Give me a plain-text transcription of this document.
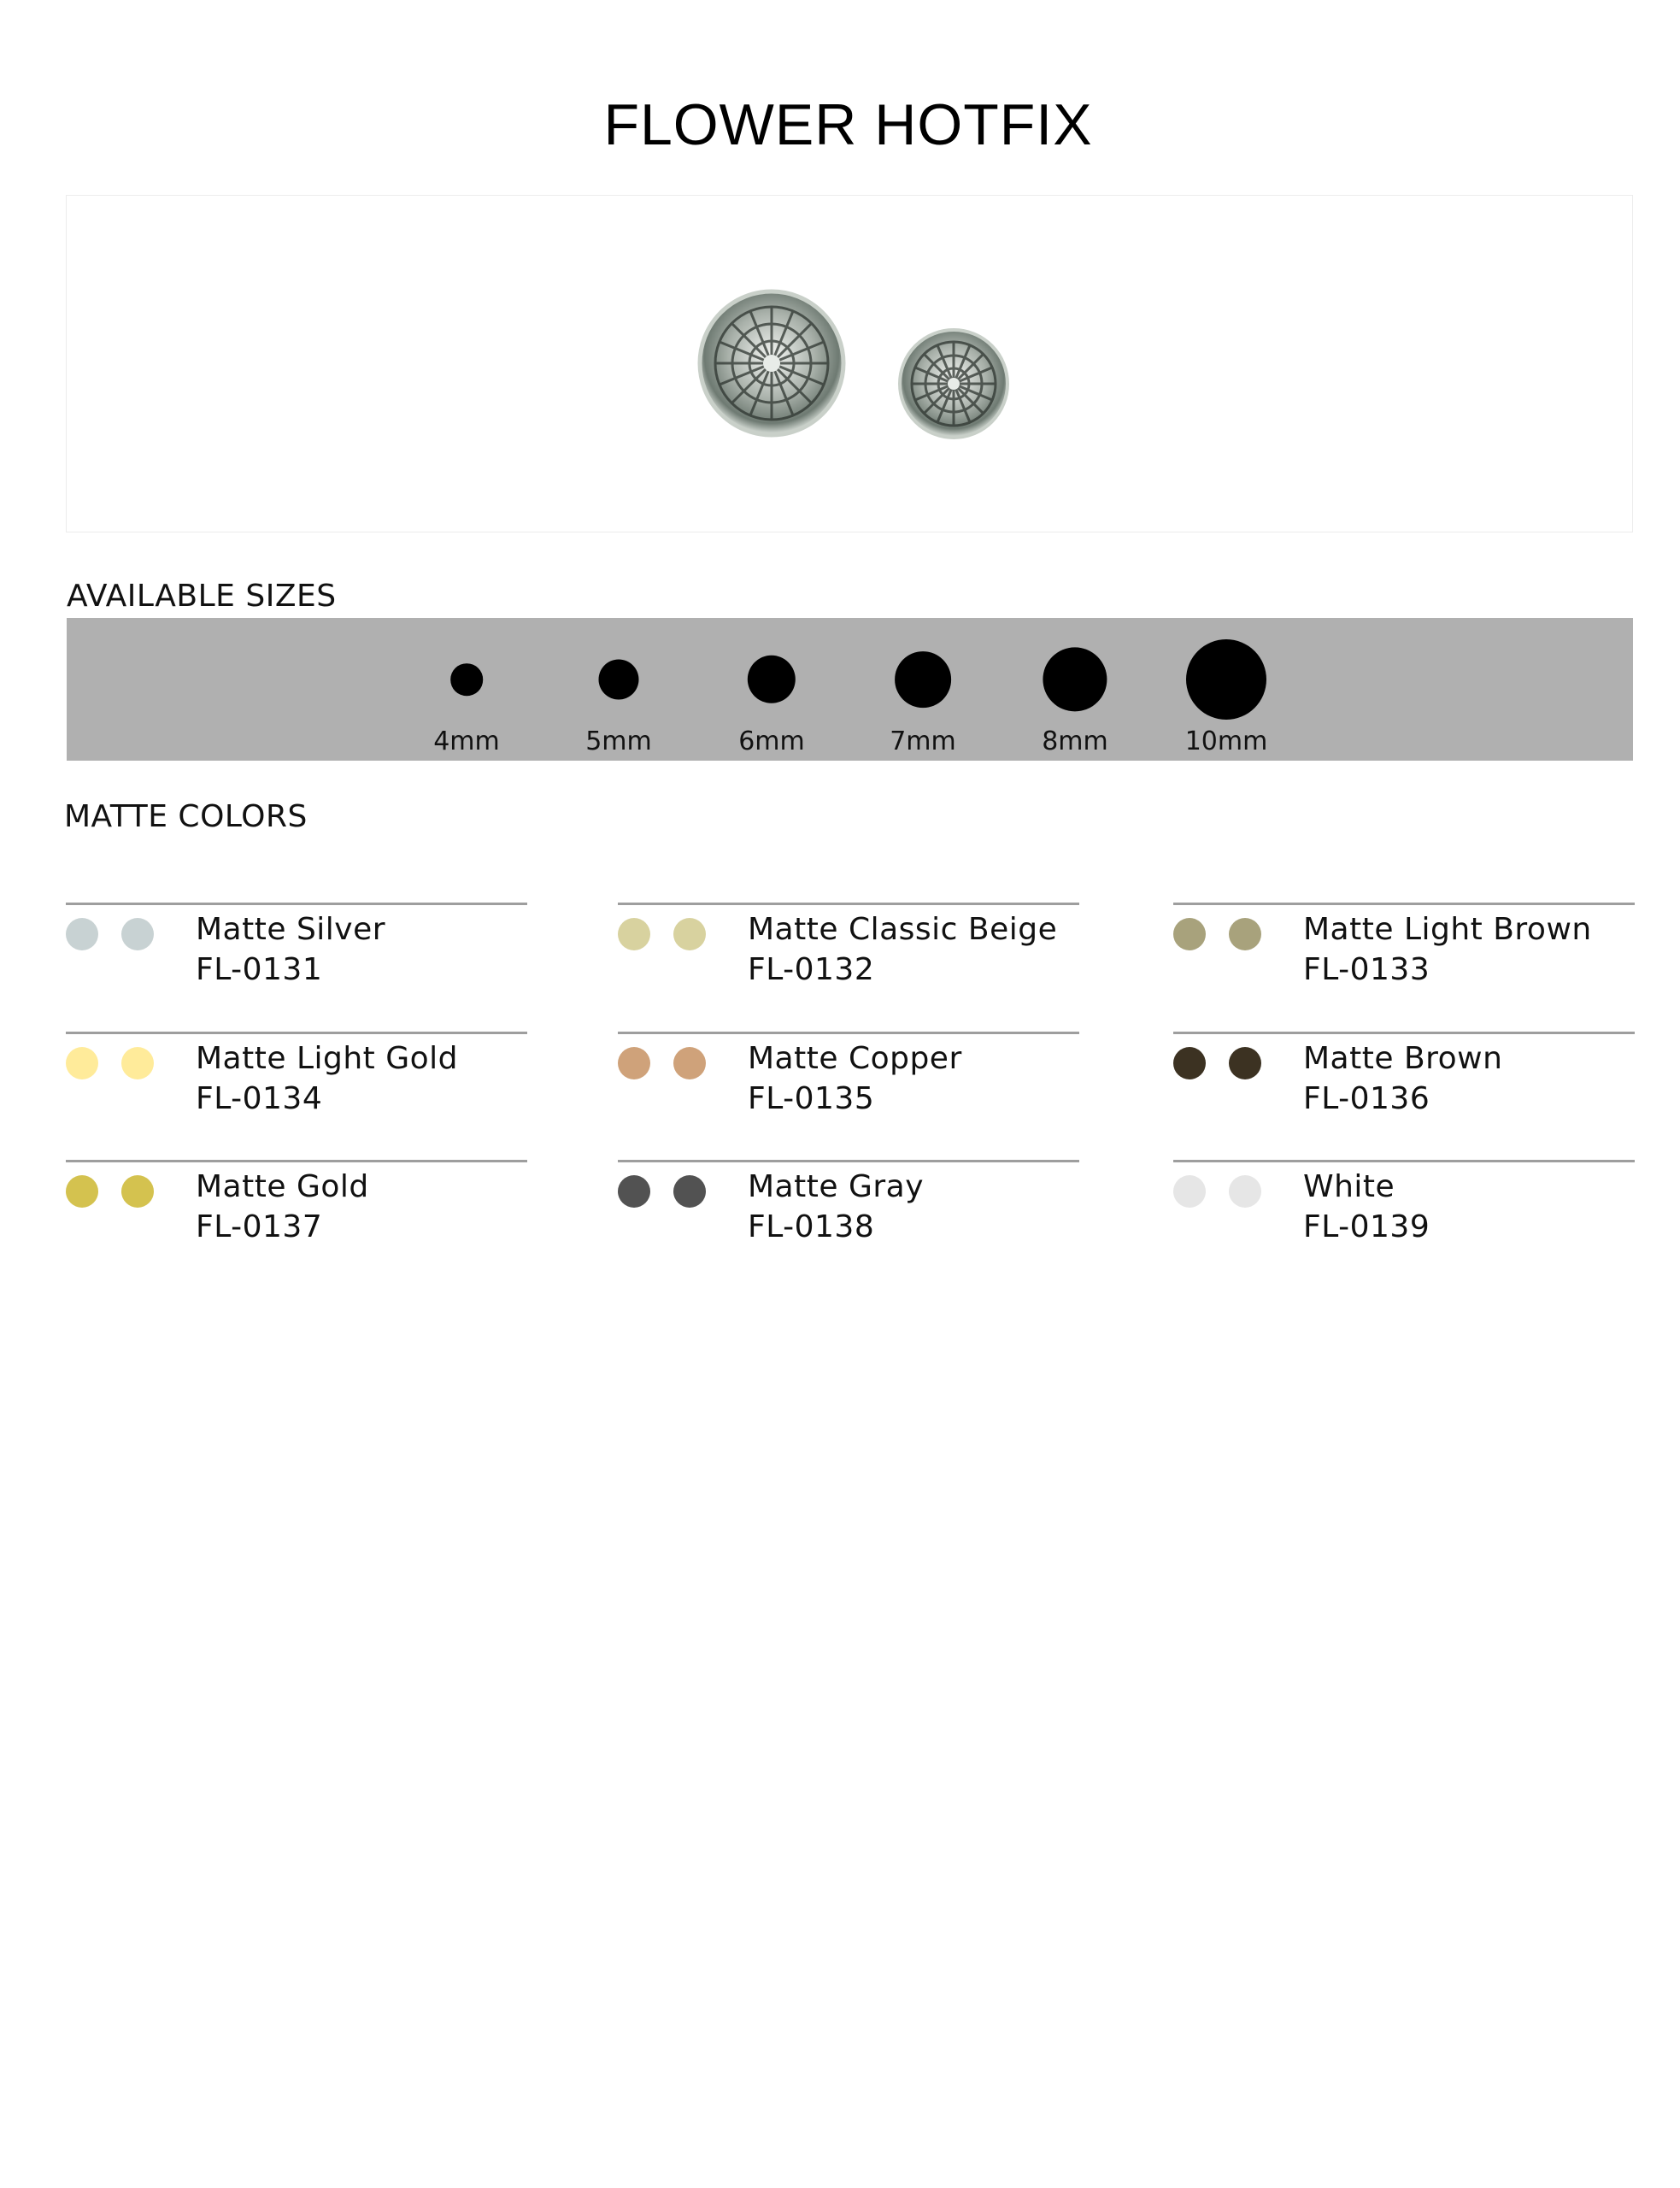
FLOWER HOTFIX
AVAILABLE SIZES
4mm	5mm	6mm	7mm	8mm	10mm
MATTE COLORS
Matte Silver
FL-0131
Matte Classic Beige
FL-0132
Matte Light Brown
FL-0133
Matte Light Gold
FL-0134
Matte Copper
FL-0135
Matte Brown
FL-0136
Matte Gold
FL-0137
Matte Gray
FL-0138
White
FL-0139
